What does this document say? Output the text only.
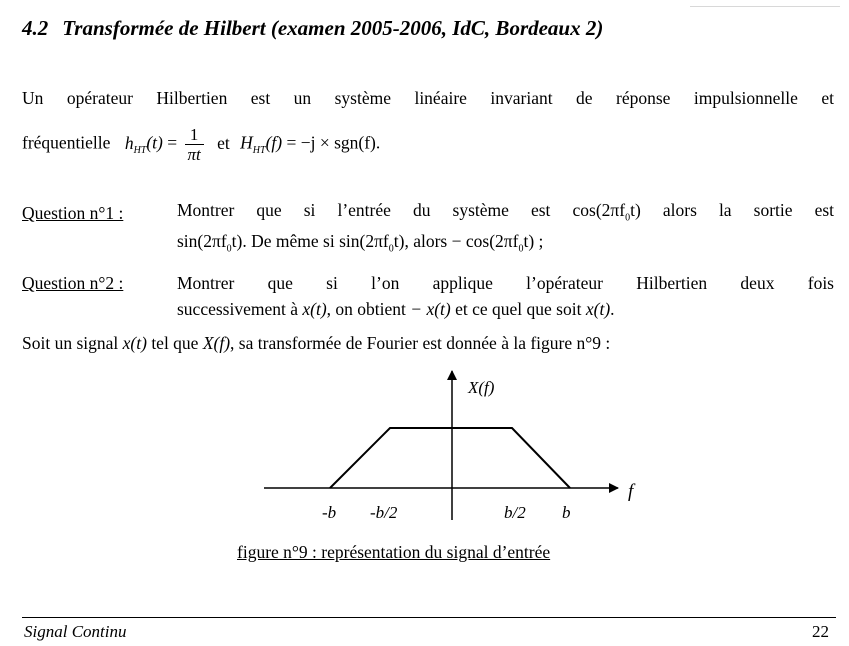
4.2 Transformée de Hilbert (examen 2005-2006, IdC, Bordeaux 2)
Un opérateur Hilbertien est un système linéaire invariant de réponse impulsionnelle et
fréquentielle $h_{HT}(t) = \frac{1}{\pi t}$ et $H_{HT}(f) = -j \times sgn(f)$.
Question n°1 :	Montrer que si l’entrée du système est $\cos(2\pi f_0t)$ alors la sortie est
$\sin(2\pi f_0t)$. De même si $\sin(2\pi f_0t)$, alors − $\cos(2\pi f_0t)$ ;
Question n°2 :	Montrer que si l’on applique l’opérateur Hilbertien deux fois
successivement à x(t), on obtient − x(t) et ce quel que soit x(t).
Soit un signal x(t) tel que X(f), sa transformée de Fourier est donnée à la figure n°9 :
X(f)
f
-b -b/2	b/2 b
figure n°9 : représentation du signal d’entrée
Signal Continu	22
